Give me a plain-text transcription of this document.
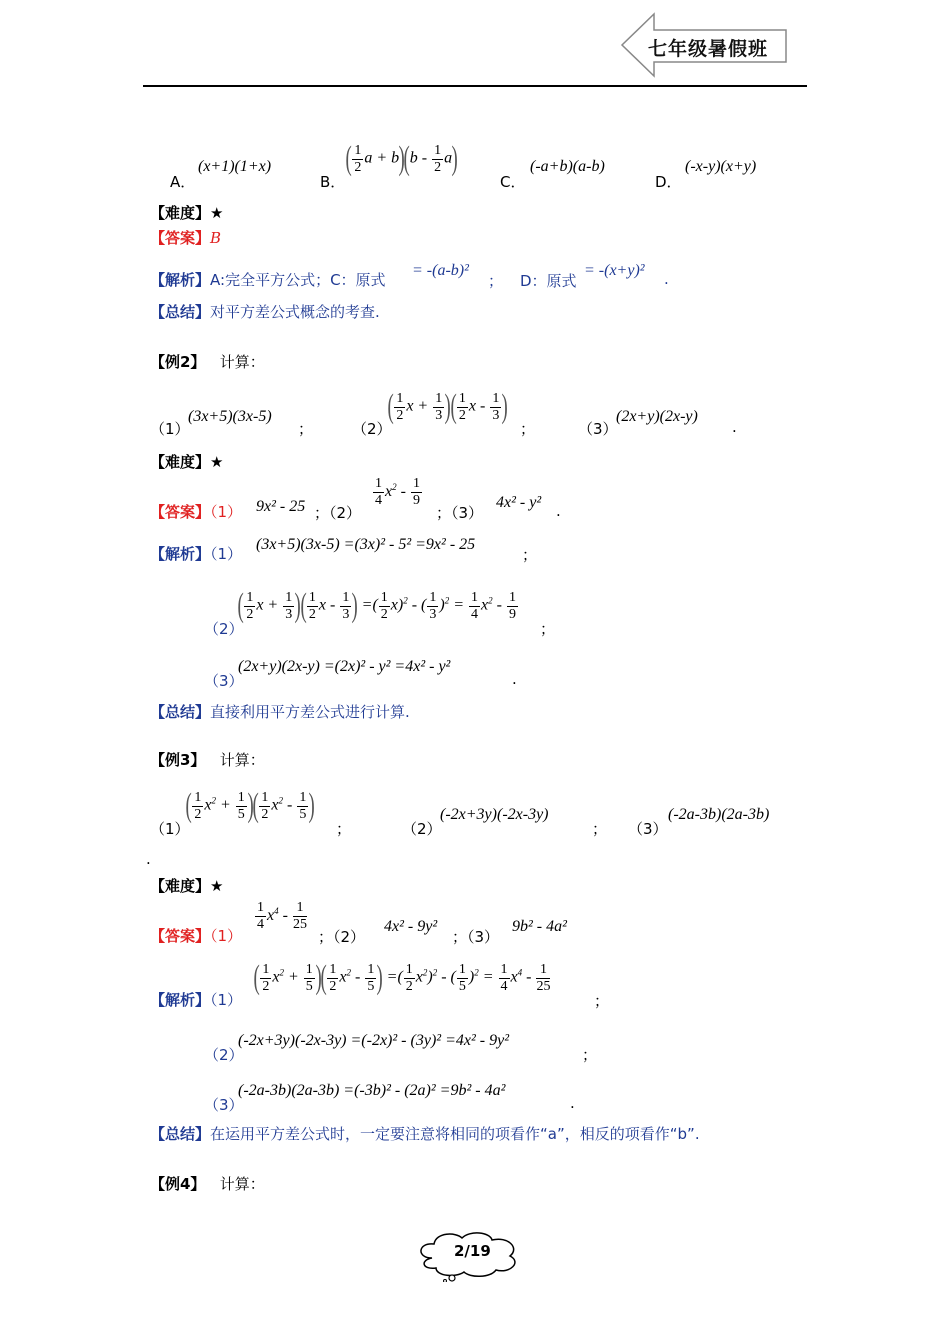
七年级暑假班
A．
(x+1)(1+x)
B．
( $\frac{1}{2}$ $a + b)(b - \frac{1}{2} a)$
C．
(-a+b)(a-b)
D．
(-x-y)(x+y)
【难度】★
【答案】B
【解析】A:完全平方公式；C：原式
= -(a-b)²
； D：原式
= -(x+y)² .
【总结】对平方差公式概念的考查.
【例2】 计算：
（1）
(3x+5)(3x-5)
；	（2）
( $\frac{1}{2}$ $x + \frac{1}{3}$ )( $\frac{1}{2}$ x - $\frac{1}{3}$ )
；	（3）
(2x+y)(2x-y)
.
【难度】★
【答案】（1） 9x² - 25 ；（2）
$\frac{1}{4} x^2 - \frac{1}{9}$
；（3）
4x² - y² .
【解析】（1）
(3x+5)(3x-5) =(3x)² - 5² =9x² - 25
；
（2）
( $\frac{1}{2}$ $x + \frac{1}{3}$ )( $\frac{1}{2}$ x - $\frac{1}{3}$ ) =( $\frac{1}{2} x)^2$ - ( $\frac{1}{3} )^2 = \frac{1}{4} x^2 - \frac{1}{9}$
；
（3）
(2x+y)(2x-y) =(2x)² - y² =4x² - y²
.
【总结】直接利用平方差公式进行计算.
【例3】 计算：
（1）
( $\frac{1}{2} x^2 + \frac{1}{5}$ )( $\frac{1}{2} x^2 - \frac{1}{5}$ )
；	（2）
(-2x+3y)(-2x-3y)
； （3）
(-2a-3b)(2a-3b)
.
【难度】★
【答案】（1）
$\frac{1}{4} x^4 - \frac{1}{25}$
；（2）
4x² - 9y²
；（3）
9b² - 4a²
【解析】（1）
( $\frac{1}{2} x^2 + \frac{1}{5}$ )( $\frac{1}{2} x^2 - \frac{1}{5}$ ) =( $\frac{1}{2} x^2)^2$ - ( $\frac{1}{5} )^2 = \frac{1}{4} x^4 - \frac{1}{25}$
；
（2）
(-2x+3y)(-2x-3y) =(-2x)² - (3y)² =4x² - 9y²
；
（3）
(-2a-3b)(2a-3b) =(-3b)² - (2a)² =9b² - 4a²
.
【总结】在运用平方差公式时，一定要注意将相同的项看作“a”，相反的项看作“b”.
【例4】 计算：
2/19
